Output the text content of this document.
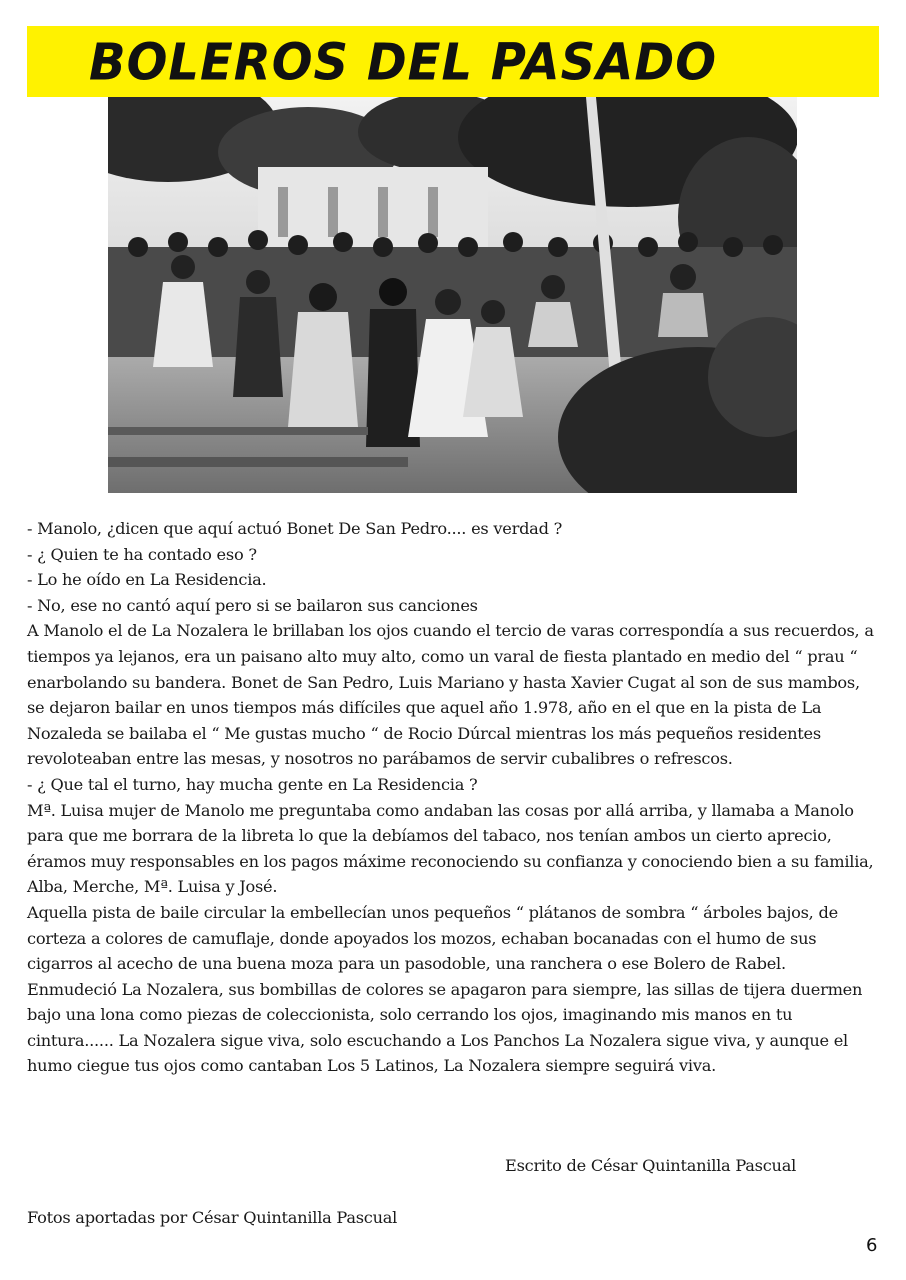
BOLEROS DEL PASADO

- Manolo, ¿dicen que aquí actuó Bonet De San Pedro.... es verdad ?

- ¿ Quien te ha contado eso ?

- Lo he oído en La Residencia.

- No, ese no cantó aquí pero si se bailaron sus canciones

A Manolo el de La Nozalera le brillaban los ojos cuando el tercio de varas correspondía a sus recuerdos, a tiempos ya lejanos, era un paisano alto muy alto, como un varal de fiesta plantado en medio del “ prau “ enarbolando su bandera. Bonet de San Pedro, Luis Mariano y hasta Xavier Cugat al son de sus mambos, se dejaron bailar en unos tiempos más difíciles que aquel año 1.978, año en el que en la pista de La Nozaleda se bailaba el “ Me gustas mucho “ de Rocio Dúrcal mientras los más pequeños residentes revoloteaban entre las mesas, y nosotros no parábamos de servir cubalibres o refrescos.

- ¿ Que tal el turno, hay mucha gente en La Residencia ?

Mª. Luisa mujer de Manolo me preguntaba como andaban las cosas por allá arriba, y llamaba a Manolo para que me borrara de la libreta lo que la debíamos del tabaco, nos tenían ambos un cierto aprecio, éramos muy responsables en los pagos máxime reconociendo su confianza y conociendo bien a su familia, Alba, Merche, Mª. Luisa y José.

Aquella pista de baile circular la embellecían unos pequeños “ plátanos de sombra “ árboles bajos, de corteza a colores de camuflaje, donde apoyados los mozos, echaban bocanadas con el humo de sus cigarros al acecho de una buena moza para un pasodoble, una ranchera o ese Bolero de Rabel.

Enmudeció La Nozalera, sus bombillas de colores se apagaron para siempre, las sillas de tijera duermen bajo una lona como piezas de coleccionista, solo cerrando los ojos, imaginando mis manos en tu cintura...... La Nozalera sigue viva, solo escuchando a Los Panchos La Nozalera sigue viva, y aunque el humo ciegue tus ojos como cantaban Los 5 Latinos, La Nozalera siempre seguirá viva.

Escrito de César Quintanilla Pascual
Fotos aportadas por César Quintanilla Pascual
6
